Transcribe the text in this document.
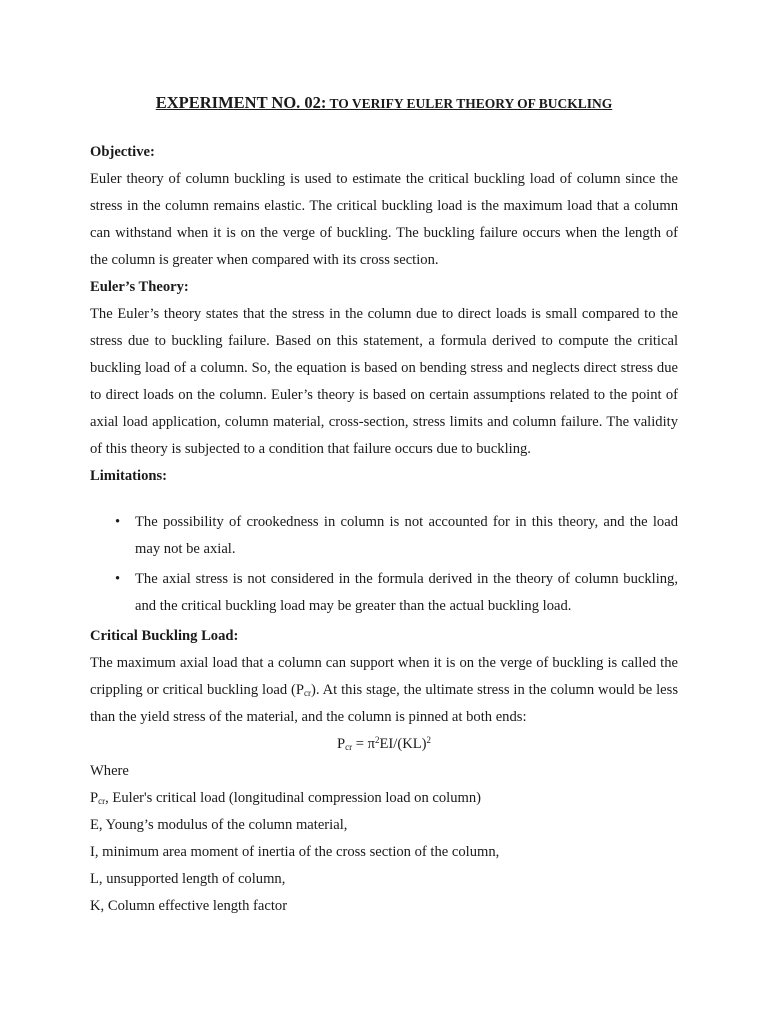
EXPERIMENT NO. 02: TO VERIFY EULER THEORY OF BUCKLING

Objective:

Euler theory of column buckling is used to estimate the critical buckling load of column since the stress in the column remains elastic. The critical buckling load is the maximum load that a column can withstand when it is on the verge of buckling. The buckling failure occurs when the length of the column is greater when compared with its cross section.

Euler’s Theory:

The Euler’s theory states that the stress in the column due to direct loads is small compared to the stress due to buckling failure. Based on this statement, a formula derived to compute the critical buckling load of a column. So, the equation is based on bending stress and neglects direct stress due to direct loads on the column. Euler’s theory is based on certain assumptions related to the point of axial load application, column material, cross-section, stress limits and column failure. The validity of this theory is subjected to a condition that failure occurs due to buckling.

Limitations:

• The possibility of crookedness in column is not accounted for in this theory, and the load may not be axial.
• The axial stress is not considered in the formula derived in the theory of column buckling, and the critical buckling load may be greater than the actual buckling load.

Critical Buckling Load:

The maximum axial load that a column can support when it is on the verge of buckling is called the crippling or critical buckling load $(P_{cr})$. At this stage, the ultimate stress in the column would be less than the yield stress of the material, and the column is pinned at both ends:

$P_{cr} = \pi^2EI/(KL)^2$

Where

$P_{cr}$, Euler's critical load (longitudinal compression load on column)

E, Young’s modulus of the column material,

I, minimum area moment of inertia of the cross section of the column,

L, unsupported length of column,

K, Column effective length factor
